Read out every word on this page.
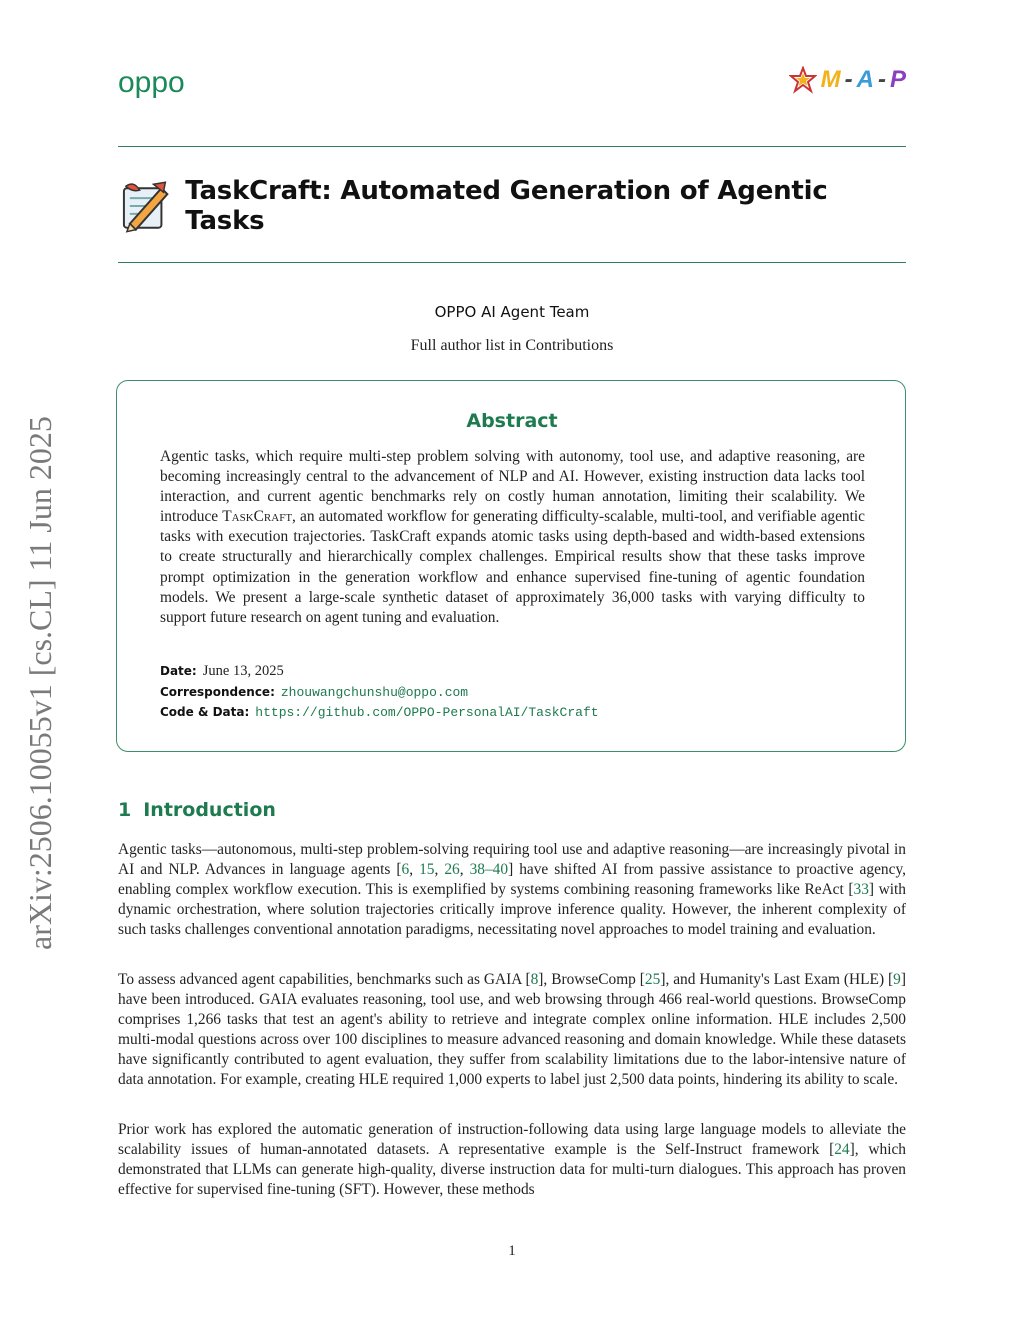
oppo	M - A - P
TaskCraft: Automated Generation of Agentic Tasks
OPPO AI Agent Team
Full author list in Contributions
Abstract
Agentic tasks, which require multi-step problem solving with autonomy, tool use, and adaptive reasoning, are becoming increasingly central to the advancement of NLP and AI. However, existing instruction data lacks tool interaction, and current agentic benchmarks rely on costly human annotation, limiting their scalability. We introduce TaskCraft, an automated workflow for generating difficulty-scalable, multi-tool, and verifiable agentic tasks with execution trajectories. TaskCraft expands atomic tasks using depth-based and width-based extensions to create structurally and hierarchically complex challenges. Empirical results show that these tasks improve prompt optimization in the generation workflow and enhance supervised fine-tuning of agentic foundation models. We present a large-scale synthetic dataset of approximately 36,000 tasks with varying difficulty to support future research on agent tuning and evaluation.
Date: June 13, 2025
Correspondence: zhouwangchunshu@oppo.com
Code & Data: https://github.com/OPPO-PersonalAI/TaskCraft
arXiv:2506.10055v1 [cs.CL] 11 Jun 2025	1 Introduction
Agentic tasks—autonomous, multi-step problem-solving requiring tool use and adaptive reasoning—are increasingly pivotal in AI and NLP. Advances in language agents [6, 15, 26, 38–40] have shifted AI from passive assistance to proactive agency, enabling complex workflow execution. This is exemplified by systems combining reasoning frameworks like ReAct [33] with dynamic orchestration, where solution trajectories critically improve inference quality. However, the inherent complexity of such tasks challenges conventional annotation paradigms, necessitating novel approaches to model training and evaluation.
To assess advanced agent capabilities, benchmarks such as GAIA [8], BrowseComp [25], and Humanity's Last Exam (HLE) [9] have been introduced. GAIA evaluates reasoning, tool use, and web browsing through 466 real-world questions. BrowseComp comprises 1,266 tasks that test an agent's ability to retrieve and integrate complex online information. HLE includes 2,500 multi-modal questions across over 100 disciplines to measure advanced reasoning and domain knowledge. While these datasets have significantly contributed to agent evaluation, they suffer from scalability limitations due to the labor-intensive nature of data annotation. For example, creating HLE required 1,000 experts to label just 2,500 data points, hindering its ability to scale.
Prior work has explored the automatic generation of instruction-following data using large language models to alleviate the scalability issues of human-annotated datasets. A representative example is the Self-Instruct framework [24], which demonstrated that LLMs can generate high-quality, diverse instruction data for multi-turn dialogues. This approach has proven effective for supervised fine-tuning (SFT). However, these methods
1
